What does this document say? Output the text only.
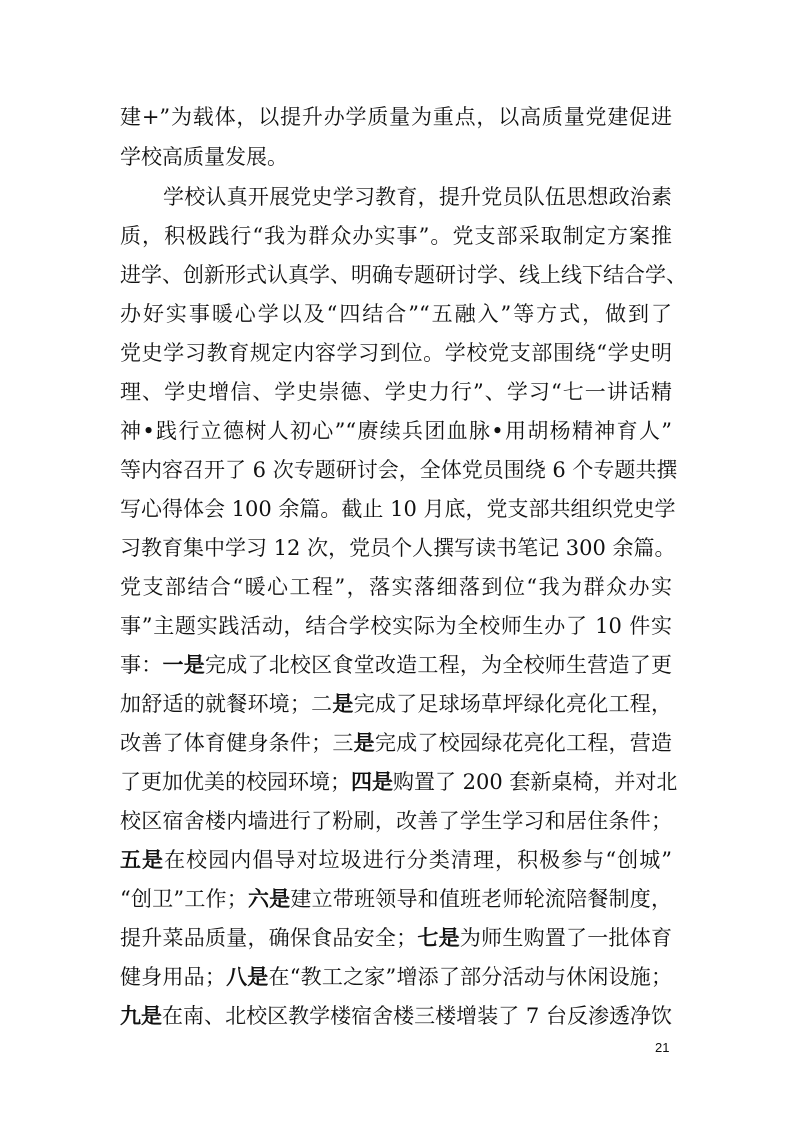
建+”为载体，以提升办学质量为重点，以高质量党建促进
学校高质量发展。
学校认真开展党史学习教育，提升党员队伍思想政治素
质，积极践行“我为群众办实事”。党支部采取制定方案推
进学、创新形式认真学、明确专题研讨学、线上线下结合学、
办好实事暖心学以及“四结合”“五融入”等方式，做到了
党史学习教育规定内容学习到位。学校党支部围绕“学史明
理、学史增信、学史崇德、学史力行”、学习“七一讲话精
神•践行立德树人初心”“赓续兵团血脉•用胡杨精神育人”
等内容召开了 6 次专题研讨会，全体党员围绕 6 个专题共撰
写心得体会 100 余篇。截止 10 月底，党支部共组织党史学
习教育集中学习 12 次，党员个人撰写读书笔记 300 余篇。
党支部结合“暖心工程”，落实落细落到位“我为群众办实
事”主题实践活动，结合学校实际为全校师生办了 10 件实
事：一是完成了北校区食堂改造工程，为全校师生营造了更
加舒适的就餐环境；二是完成了足球场草坪绿化亮化工程，
改善了体育健身条件；三是完成了校园绿花亮化工程，营造
了更加优美的校园环境；四是购置了 200 套新桌椅，并对北
校区宿舍楼内墙进行了粉刷，改善了学生学习和居住条件；
五是在校园内倡导对垃圾进行分类清理，积极参与“创城”
“创卫”工作；六是建立带班领导和值班老师轮流陪餐制度，
提升菜品质量，确保食品安全；七是为师生购置了一批体育
健身用品；八是在“教工之家”增添了部分活动与休闲设施；
九是在南、北校区教学楼宿舍楼三楼增装了 7 台反渗透净饮
21
